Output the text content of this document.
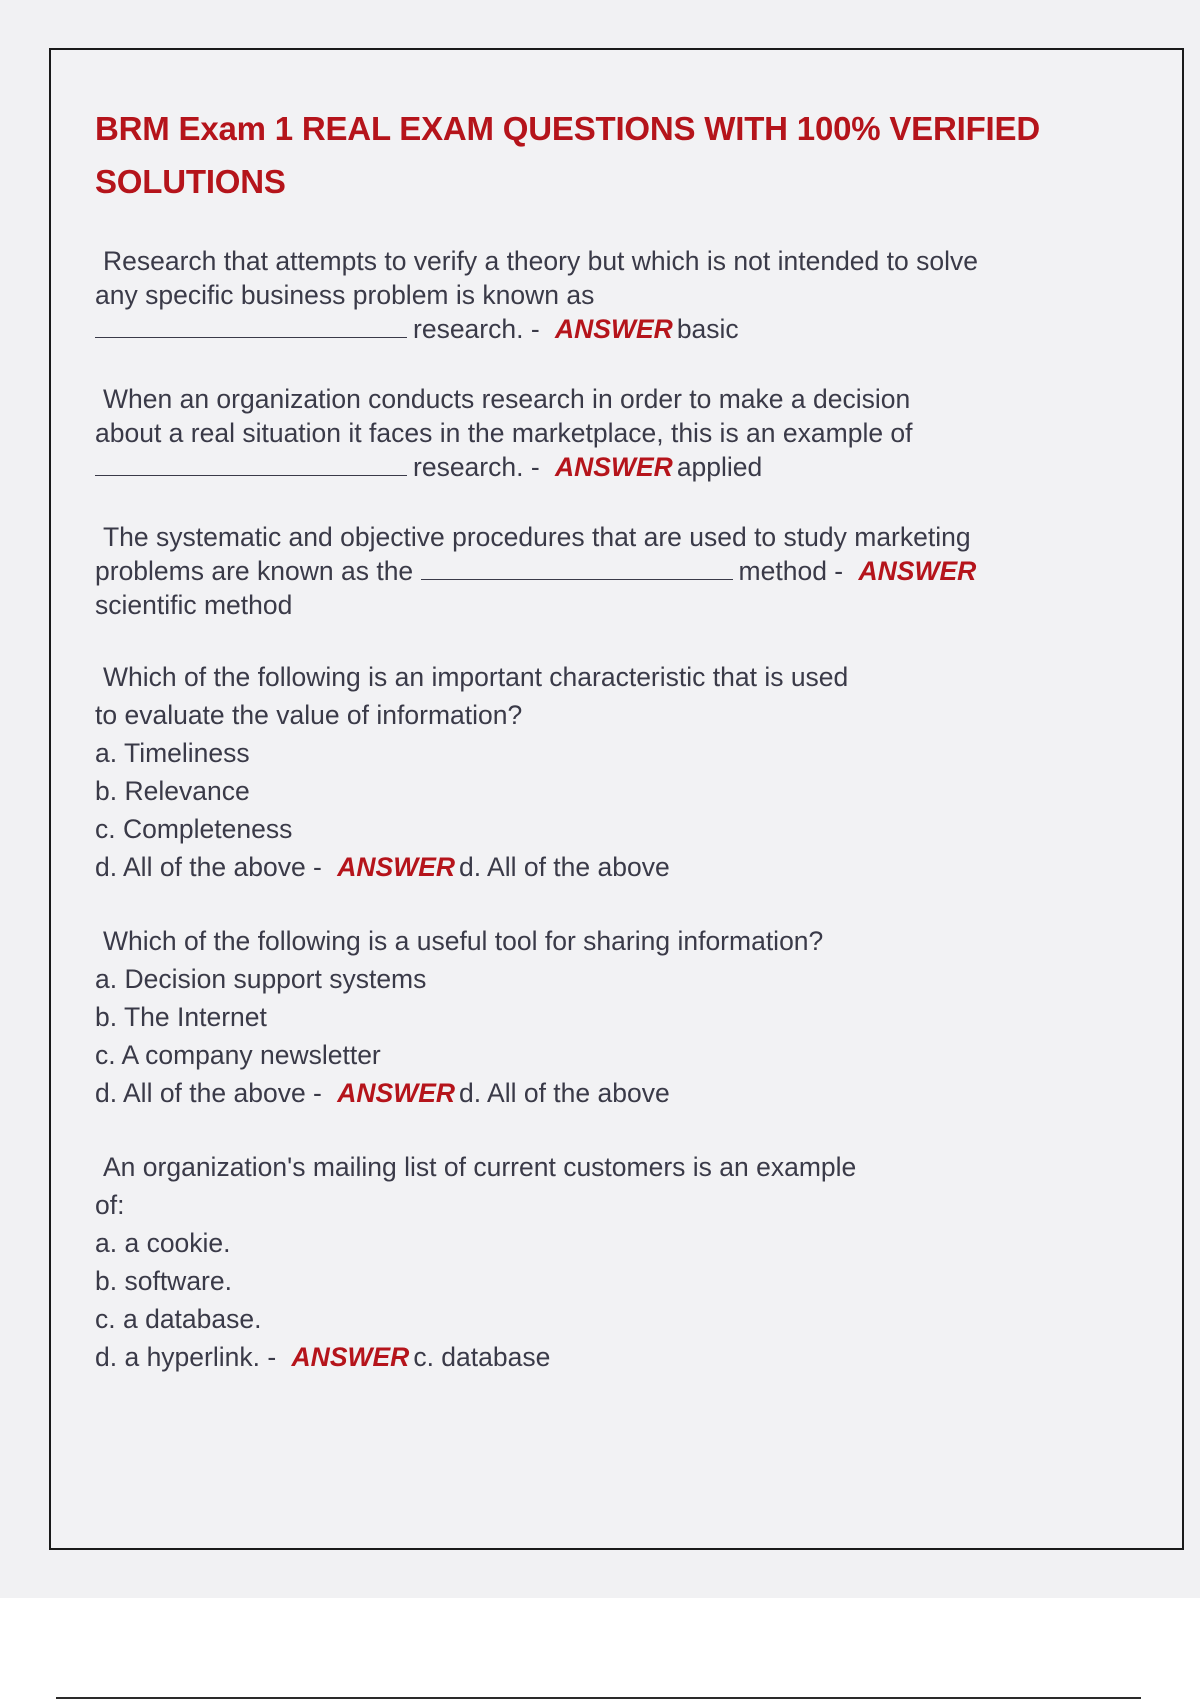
BRM Exam 1 REAL EXAM QUESTIONS WITH 100% VERIFIED SOLUTIONS
Research that attempts to verify a theory but which is not intended to solve
any specific business problem is known as
research. - ANSWER basic
When an organization conducts research in order to make a decision
about a real situation it faces in the marketplace, this is an example of
research. - ANSWER applied
The systematic and objective procedures that are used to study marketing
problems are known as the	method - ANSWER
scientific method
Which of the following is an important characteristic that is used
to evaluate the value of information?
a. Timeliness
b. Relevance
c. Completeness
d. All of the above - ANSWER d. All of the above
Which of the following is a useful tool for sharing information?
a. Decision support systems
b. The Internet
c. A company newsletter
d. All of the above - ANSWER d. All of the above
An organization's mailing list of current customers is an example
of:
a. a cookie.
b. software.
c. a database.
d. a hyperlink. - ANSWER c. database
